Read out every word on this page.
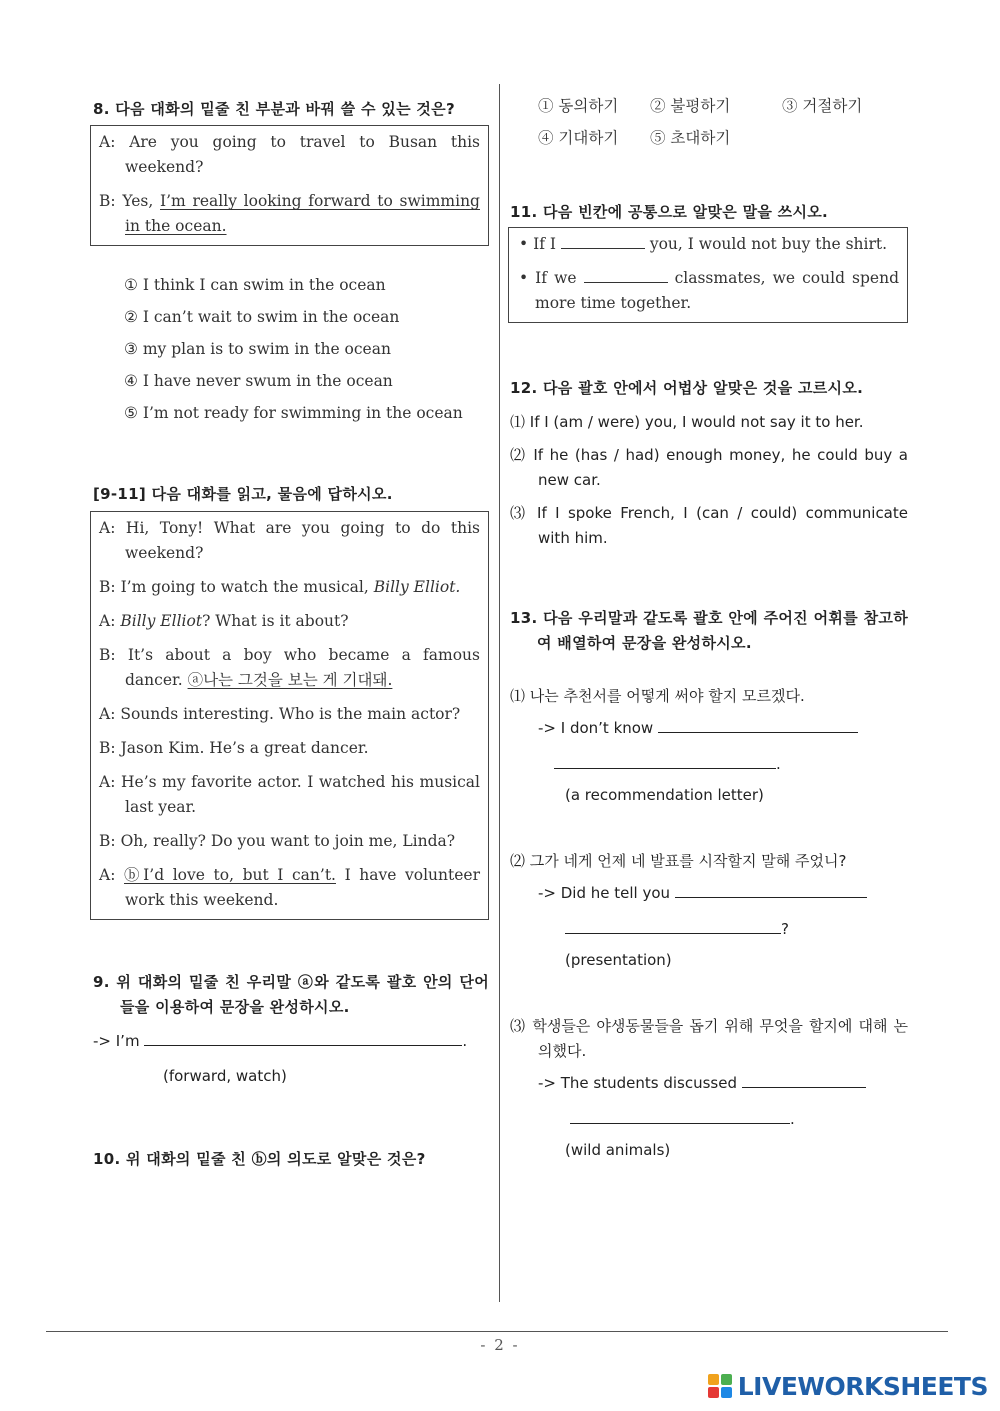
8. 다음 대화의 밑줄 친 부분과 바꿔 쓸 수 있는 것은?
A: Are you going to travel to Busan this weekend?
B: Yes, I’m really looking forward to swimming in the ocean.
① I think I can swim in the ocean
② I can’t wait to swim in the ocean
③ my plan is to swim in the ocean
④ I have never swum in the ocean
⑤ I’m not ready for swimming in the ocean
[9-11] 다음 대화를 읽고, 물음에 답하시오.
A: Hi, Tony! What are you going to do this weekend?
B: I’m going to watch the musical, Billy Elliot.
A: Billy Elliot? What is it about?
B: It’s about a boy who became a famous dancer. ⓐ나는 그것을 보는 게 기대돼.
A: Sounds interesting. Who is the main actor?
B: Jason Kim. He’s a great dancer.
A: He’s my favorite actor. I watched his musical last year.
B: Oh, really? Do you want to join me, Linda?
A: ⓑI’d love to, but I can’t. I have volunteer work this weekend.
9. 위 대화의 밑줄 친 우리말 ⓐ와 같도록 괄호 안의 단어들을 이용하여 문장을 완성하시오.
-> I’m	.
(forward, watch)
10. 위 대화의 밑줄 친 ⓑ의 의도로 알맞은 것은?
① 동의하기 ② 불평하기	③ 거절하기
④ 기대하기 ⑤ 초대하기
11. 다음 빈칸에 공통으로 알맞은 말을 쓰시오.
• If I	you, I would not buy the shirt.
• If we	classmates, we could spend more time together.
12. 다음 괄호 안에서 어법상 알맞은 것을 고르시오.
⑴ If I (am / were) you, I would not say it to her.
⑵ If he (has / had) enough money, he could buy a new car.
⑶ If I spoke French, I (can / could) communicate with him.
13. 다음 우리말과 같도록 괄호 안에 주어진 어휘를 참고하여 배열하여 문장을 완성하시오.
⑴ 나는 추천서를 어떻게 써야 할지 모르겠다.
-> I don’t know
.
(a recommendation letter)
⑵ 그가 네게 언제 네 발표를 시작할지 말해 주었니?
-> Did he tell you
?
(presentation)
⑶ 학생들은 야생동물들을 돕기 위해 무엇을 할지에 대해 논의했다.
-> The students discussed
.
(wild animals)
- 2 -
LIVEWORKSHEETS
